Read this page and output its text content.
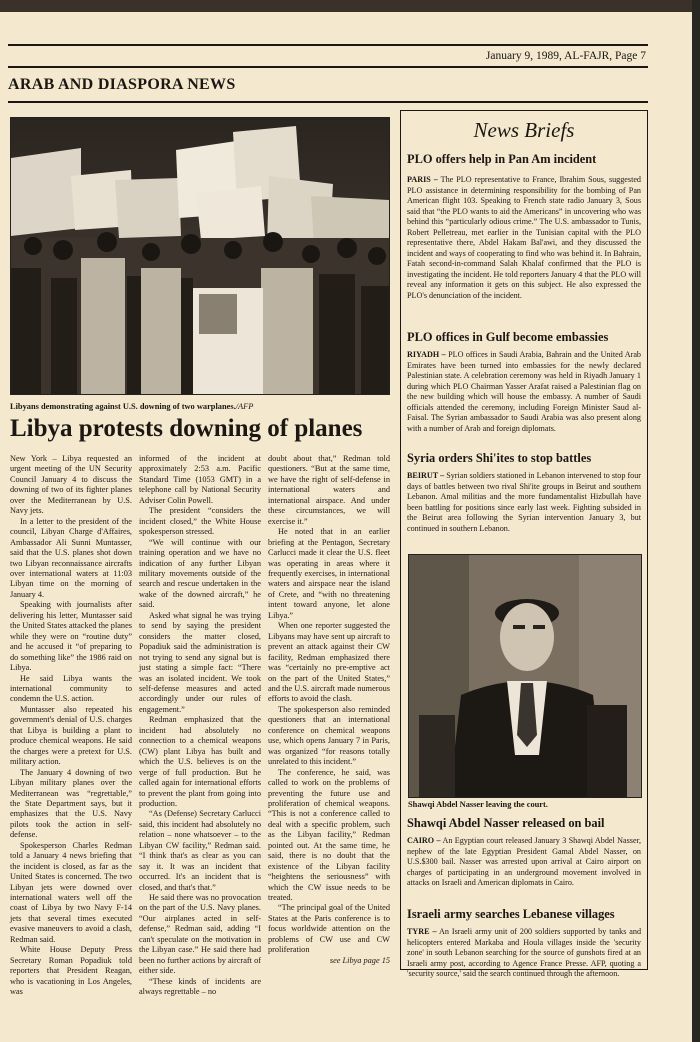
January 9, 1989, AL-FAJR, Page 7
ARAB AND DIASPORA NEWS
Libyans demonstrating against U.S. downing of two warplanes./AFP
Libya protests downing of planes

New York – Libya requested an urgent meeting of the UN Security Council January 4 to discuss the downing of two of its fighter planes over the Mediterranean by U.S. Navy jets.

In a letter to the president of the council, Libyan Charge d'Affaires, Ambassador Ali Sunni Muntasser, said that the U.S. planes shot down two Libyan reconnaissance aircrafts over international waters at 11:03 Libyan time on the morning of January 4.

Speaking with journalists after delivering his letter, Muntasser said the United States attacked the planes while they were on “routine duty” and he accused it “of preparing to do something like” the 1986 raid on Libya.

He said Libya wants the international community to condemn the U.S. action.

Muntasser also repeated his government's denial of U.S. charges that Libya is building a plant to produce chemical weapons. He said the charges were a pretext for U.S. military action.

The January 4 downing of two Libyan military planes over the Mediterranean was “regrettable,” the State Department says, but it emphasizes that the U.S. Navy pilots took the action in self-defense.

Spokesperson Charles Redman told a January 4 news briefing that the incident is closed, as far as the United States is concerned. The two Libyan jets were downed over international waters well off the coast of Libya by two Navy F-14 jets that several times executed evasive maneuvers to avoid a clash, Redman said.

White House Deputy Press Secretary Roman Popadiuk told reporters that President Reagan, who is vacationing in Los Angeles, was

informed of the incident at approximately 2:53 a.m. Pacific Standard Time (1053 GMT) in a telephone call by National Security Adviser Colin Powell.

The president “considers the incident closed,” the White House spokesperson stressed.

“We will continue with our training operation and we have no indication of any further Libyan military movements outside of the search and rescue undertaken in the wake of the downed aircraft,” he said.

Asked what signal he was trying to send by saying the president considers the matter closed, Popadiuk said the administration is not trying to send any signal but is just stating a simple fact: “There was an isolated incident. We took self-defense measures and acted accordingly under our rules of engagement.”

Redman emphasized that the incident had absolutely no connection to a chemical weapons (CW) plant Libya has built and which the U.S. believes is on the verge of full production. But he called again for international efforts to prevent the plant from going into production.

“As (Defense) Secretary Carlucci said, this incident had absolutely no relation – none whatsoever – to the Libyan CW facility,” Redman said. “I think that's as clear as you can say it. It was an incident that occurred. It's an incident that is closed, and that's that.”

He said there was no provocation on the part of the U.S. Navy planes. “Our airplanes acted in self-defense,” Redman said, adding “I can't speculate on the motivation in the Libyan case.” He said there had been no further actions by aircraft of either side.

“These kinds of incidents are always regrettable – no

doubt about that,” Redman told questioners. “But at the same time, we have the right of self-defense in international waters and international airspace. And under these circumstances, we will exercise it.”

He noted that in an earlier briefing at the Pentagon, Secretary Carlucci made it clear the U.S. fleet was operating in areas where it frequently exercises, in international waters and airspace near the island of Crete, and “with no threatening intent toward anyone, let alone Libya.”

When one reporter suggested the Libyans may have sent up aircraft to prevent an attack against their CW facility, Redman emphasized there was “certainly no pre-emptive act on the part of the United States,” and the U.S. aircraft made numerous efforts to avoid the clash.

The spokesperson also reminded questioners that an international conference on chemical weapons use, which opens January 7 in Paris, was organized “for reasons totally unrelated to this incident.”

The conference, he said, was called to work on the problems of preventing the future use and proliferation of chemical weapons. “This is not a conference called to deal with a specific problem, such as the Libyan facility,” Redman pointed out. At the same time, he said, there is no doubt that the existence of the Libyan facility “heightens the seriousness” with which the CW issue needs to be treated.

“The principal goal of the United States at the Paris conference is to focus worldwide attention on the problems of CW use and CW proliferation

see Libya page 15

News Briefs
PLO offers help in Pan Am incident
PARIS – The PLO representative to France, Ibrahim Sous, suggested PLO assistance in determining responsibility for the bombing of Pan American flight 103. Speaking to French state radio January 3, Sous said that “the PLO wants to aid the Americans” in uncovering who was behind this “particularly odious crime.” The U.S. ambassador to Tunis, Robert Pelletreau, met earlier in the Tunisian capital with the PLO representative there, Abdel Hakam Bal'awi, and they discussed the incident and ways of cooperating to find who was behind it. In Bahrain, Fatah second-in-command Salah Khalaf confirmed that the PLO is investigating the incident. He told reporters January 4 that the PLO will reveal any information it gets on this subject. He also expressed the PLO's denunciation of the incident.
PLO offices in Gulf become embassies
RIYADH – PLO offices in Saudi Arabia, Bahrain and the United Arab Emirates have been turned into embassies for the newly declared Palestinian state. A celebration ceremony was held in Riyadh January 1 during which PLO Chairman Yasser Arafat raised a Palestinian flag on the new building which will house the embassy. A number of Saudi officials attended the ceremony, including Foreign Minister Saud al-Faisal. The Syrian ambassador to Saudi Arabia was also present along with a number of Arab and foreign diplomats.
Syria orders Shi'ites to stop battles
BEIRUT – Syrian soldiers stationed in Lebanon intervened to stop four days of battles between two rival Shi'ite groups in Beirut and southern Lebanon. Amal militias and the more fundamentalist Hizbullah have been battling for positions since early last week. Fighting subsided in the Beirut area following the Syrian intervention January 3, but continued in southern Lebanon.
Shawqi Abdel Nasser leaving the court.
Shawqi Abdel Nasser released on bail
CAIRO – An Egyptian court released January 3 Shawqi Abdel Nasser, nephew of the late Egyptian President Gamal Abdel Nasser, on U.S.$300 bail. Nasser was arrested upon arrival at Cairo airport on charges of participating in an underground movement involved in attacks on Israeli and American diplomats in Cairo.
Israeli army searches Lebanese villages
TYRE – An Israeli army unit of 200 soldiers supported by tanks and helicopters entered Markaba and Houla villages inside the 'security zone' in south Lebanon searching for the source of gunshots fired at an Israeli army post, according to Agence France Presse. AFP, quoting a 'security source,' said the search continued through the afternoon.
